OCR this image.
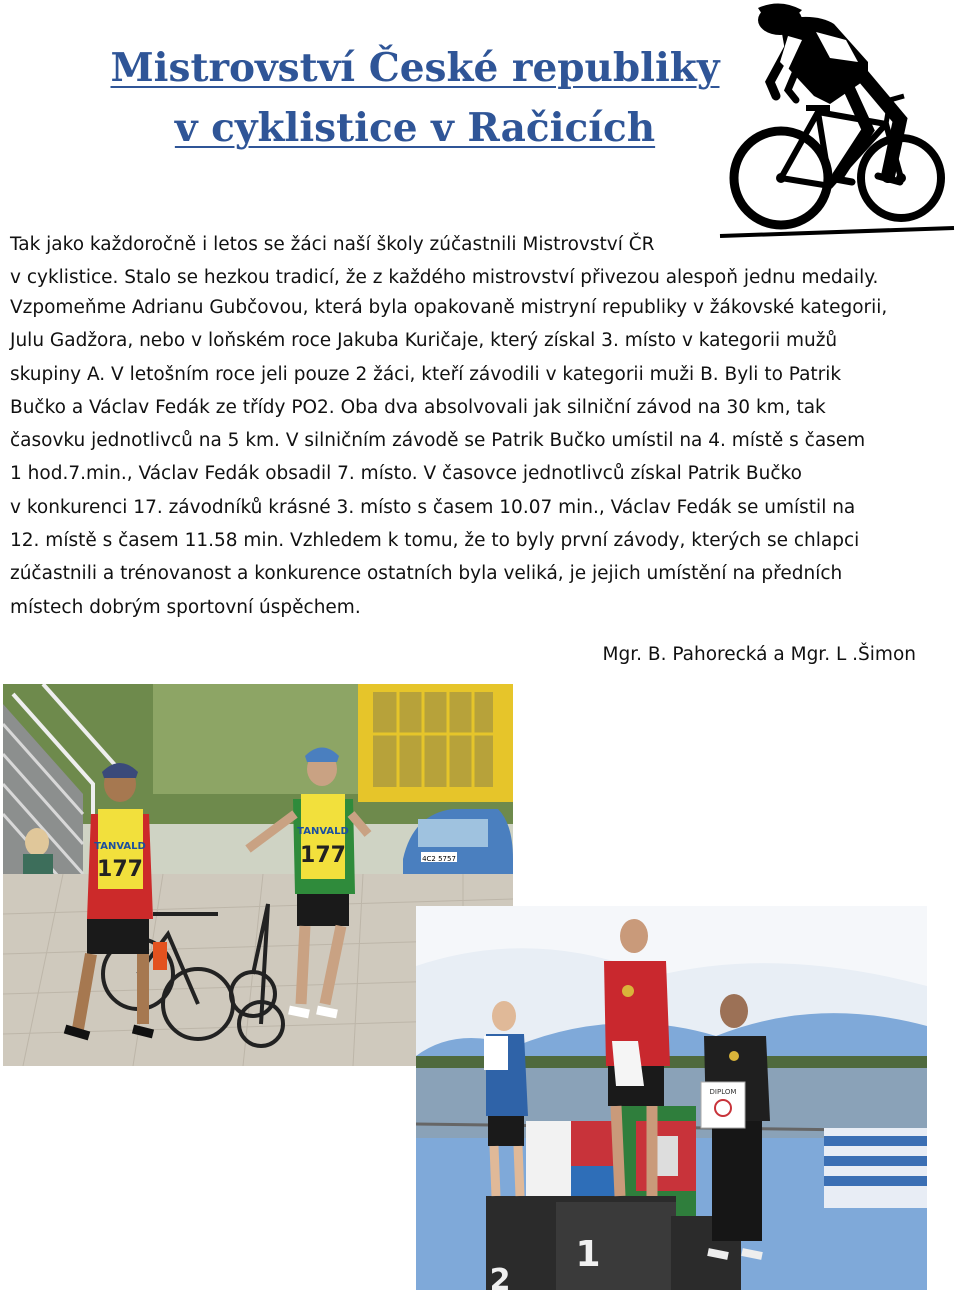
Mistrovství České republiky
v cyklistice v Račicích

Tak jako každoročně i letos se žáci naší školy zúčastnili Mistrovství ČR
v cyklistice. Stalo se hezkou tradicí, že z každého mistrovství přivezou alespoň jednu medaily.

Vzpomeňme Adrianu Gubčovou, která byla opakovaně mistryní republiky v žákovské kategorii,
Julu Gadžora, nebo v loňském roce Jakuba Kuričaje, který získal 3. místo v kategorii mužů
skupiny A. V letošním roce jeli pouze 2 žáci, kteří závodili v kategorii muži B. Byli to Patrik
Bučko a Václav Fedák ze třídy PO2. Oba dva absolvovali jak silniční závod na 30 km, tak
časovku jednotlivců na 5 km. V silničním závodě se Patrik Bučko umístil na 4. místě s časem
1 hod.7.min., Václav Fedák obsadil 7. místo. V časovce jednotlivců získal Patrik Bučko
v konkurenci 17. závodníků krásné 3. místo s časem 10.07 min., Václav Fedák se umístil na
12. místě s časem 11.58 min. Vzhledem k tomu, že to byly první závody, kterých se chlapci
zúčastnili a trénovanost a konkurence ostatních byla veliká, je jejich umístění na předních
místech dobrým sportovní úspěchem.

Mgr. B. Pahorecká a Mgr. L .Šimon

4C2 5757
TANVALD
177
TANVALD
177
1
2
DIPLOM
